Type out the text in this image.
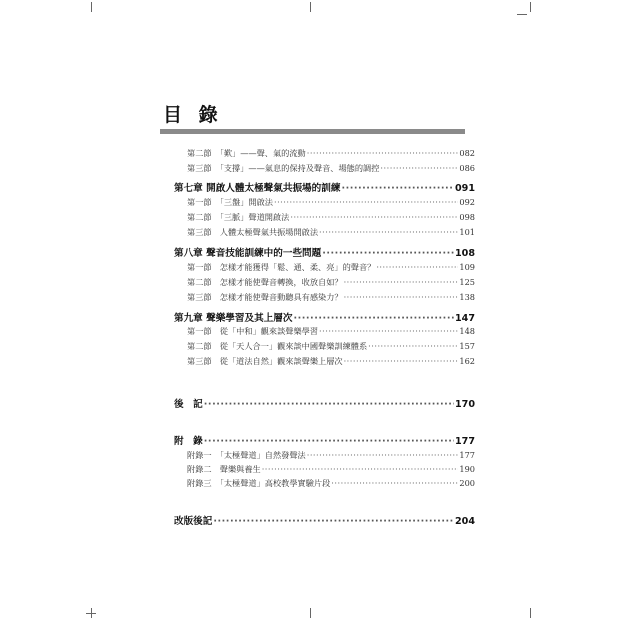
目 錄
第二節　「歎」——聲、氣的流動 ·····	082
第三節　「支撐」——氣息的保持及聲音、場態的調控 ·····	086
第七章 開啟人體太極聲氣共振場的訓練 ·····	091
第一節　「三盤」開啟法 ·····	092
第二節　「三脈」聲道開啟法 ·····	098
第三節　人體太極聲氣共振場開啟法 ·····	101
第八章 聲音技能訓練中的一些問題 ·····	108
第一節　怎樣才能獲得「鬆、通、柔、亮」的聲音？ ·····	109
第二節　怎樣才能使聲音轉換，收放自如？ ·····	125
第三節　怎樣才能使聲音動聽具有感染力？ ·····	138
第九章 聲樂學習及其上層次 ·····	147
第一節　從「中和」觀來談聲樂學習 ·····	148
第二節　從「天人合一」觀來談中國聲樂訓練體系 ·····	157
第三節　從「道法自然」觀來談聲樂上層次 ·····	162
後　記 ·····	170
附　錄 ·····	177
附錄一　「太極聲道」自然發聲法 ·····	177
附錄二　聲樂與養生 ·····	190
附錄三　「太極聲道」高校教學實驗片段 ·····	200
改版後記 ·····	204
